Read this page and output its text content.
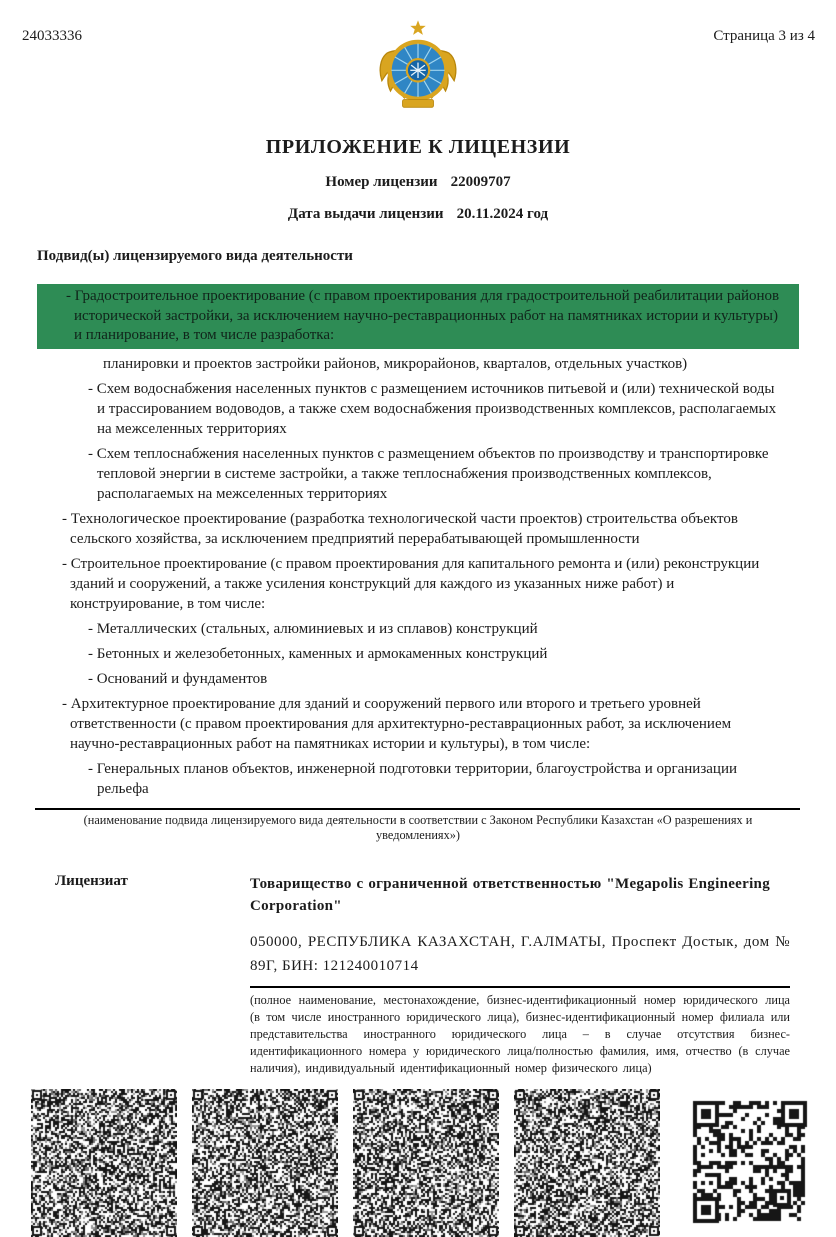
24033336	Страница 3 из 4
ПРИЛОЖЕНИЕ К ЛИЦЕНЗИИ
Номер лицензии 22009707
Дата выдачи лицензии 20.11.2024 год
Подвид(ы) лицензируемого вида деятельности
- Градостроительное проектирование (с правом проектирования для градостроительной реабилитации районов исторической застройки, за исключением научно-реставрационных работ на памятниках истории и культуры) и планирование, в том числе разработка:
планировки и проектов застройки районов, микрорайонов, кварталов, отдельных участков)
- Схем водоснабжения населенных пунктов с размещением источников питьевой и (или) технической воды и трассированием водоводов, а также схем водоснабжения производственных комплексов, располагаемых на межселенных территориях
- Схем теплоснабжения населенных пунктов с размещением объектов по производству и транспортировке тепловой энергии в системе застройки, а также теплоснабжения производственных комплексов, располагаемых на межселенных территориях
- Технологическое проектирование (разработка технологической части проектов) строительства объектов сельского хозяйства, за исключением предприятий перерабатывающей промышленности
- Строительное проектирование (с правом проектирования для капитального ремонта и (или) реконструкции зданий и сооружений, а также усиления конструкций для каждого из указанных ниже работ) и конструирование, в том числе:
- Металлических (стальных, алюминиевых и из сплавов) конструкций
- Бетонных и железобетонных, каменных и армокаменных конструкций
- Оснований и фундаментов
- Архитектурное проектирование для зданий и сооружений первого или второго и третьего уровней ответственности (с правом проектирования для архитектурно-реставрационных работ, за исключением научно-реставрационных работ на памятниках истории и культуры), в том числе:
- Генеральных планов объектов, инженерной подготовки территории, благоустройства и организации рельефа
(наименование подвида лицензируемого вида деятельности в соответствии с Законом Республики Казахстан «О разрешениях и уведомлениях»)
Лицензиат	Товарищество с ограниченной ответственностью "Megapolis Engineering Corporation"
050000, РЕСПУБЛИКА КАЗАХСТАН, Г.АЛМАТЫ, Проспект Достык, дом № 89Г, БИН: 121240010714
(полное наименование, местонахождение, бизнес-идентификационный номер юридического лица (в том числе иностранного юридического лица), бизнес-идентификационный номер филиала или представительства иностранного юридического лица – в случае отсутствия бизнес-идентификационного номера у юридического лица/полностью фамилия, имя, отчество (в случае наличия), индивидуальный идентификационный номер физического лица)
